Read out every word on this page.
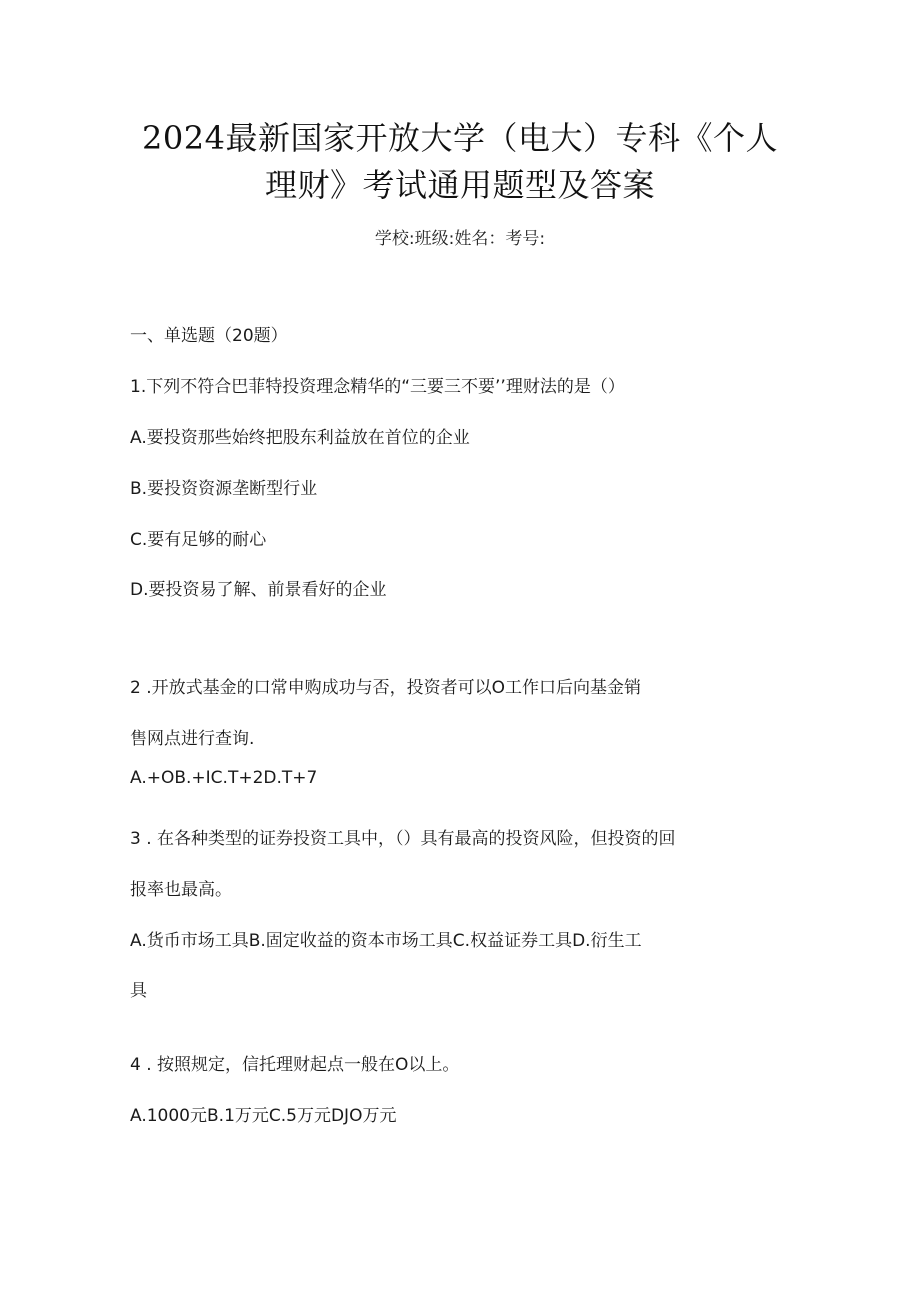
2024最新国家开放大学（电大）专科《个人
理财》考试通用题型及答案
学校:班级:姓名：考号:
一、单选题（20题）
1.下列不符合巴菲特投资理念精华的“三要三不要’’理财法的是（）
A.要投资那些始终把股东利益放在首位的企业
B.要投资资源垄断型行业
C.要有足够的耐心
D.要投资易了解、前景看好的企业
2 .开放式基金的口常申购成功与否，投资者可以O工作口后向基金销
售网点进行查询.
A.+OB.+IC.T+2D.T+7
3 . 在各种类型的证券投资工具中，（）具有最高的投资风险，但投资的回
报率也最高。
A.货币市场工具B.固定收益的资本市场工具C.权益证券工具D.衍生工
具
4 . 按照规定，信托理财起点一般在O以上。
A.1000元B.1万元C.5万元DJO万元
